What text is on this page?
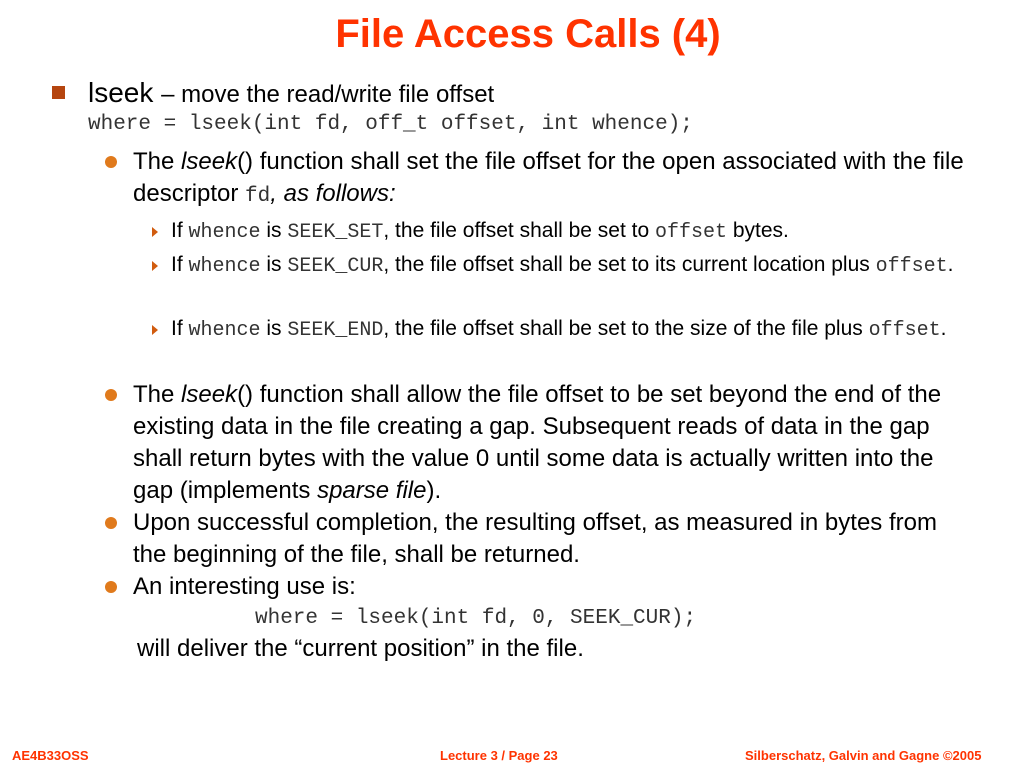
File Access Calls (4)
lseek – move the read/write file offset
where = lseek(int fd, off_t offset, int whence);
The lseek() function shall set the file offset for the open associated with the file descriptor fd, as follows:
If whence is SEEK_SET, the file offset shall be set to offset bytes.
If whence is SEEK_CUR, the file offset shall be set to its current location plus offset.
If whence is SEEK_END, the file offset shall be set to the size of the file plus offset.
The lseek() function shall allow the file offset to be set beyond the end of the existing data in the file creating a gap. Subsequent reads of data in the gap shall return bytes with the value 0 until some data is actually written into the gap (implements sparse file).
Upon successful completion, the resulting offset, as measured in bytes from the beginning of the file, shall be returned.
An interesting use is:
where = lseek(int fd, 0, SEEK_CUR);
will deliver the “current position” in the file.
AE4B33OSS	Lecture 3 / Page 23	Silberschatz, Galvin and Gagne ©2005
